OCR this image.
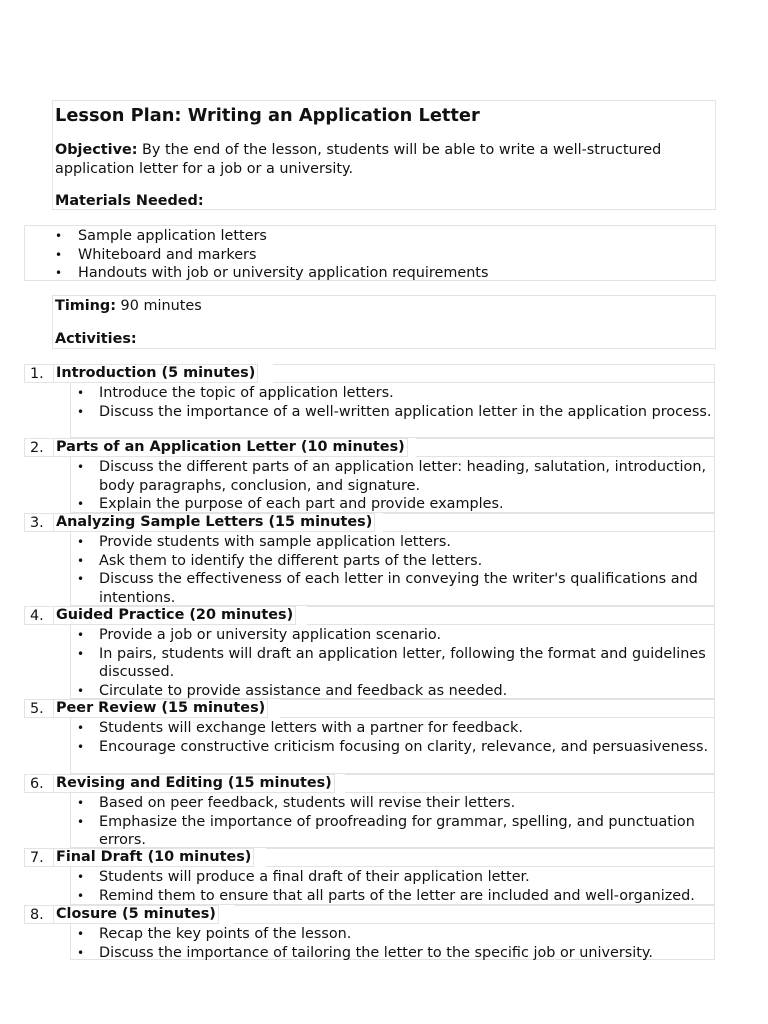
Lesson Plan: Writing an Application Letter

Objective: By the end of the lesson, students will be able to write a well-structured application letter for a job or a university.

Materials Needed:

• Sample application letters
• Whiteboard and markers
• Handouts with job or university application requirements

Timing: 90 minutes

Activities:

1. Introduction (5 minutes)
• Introduce the topic of application letters.
• Discuss the importance of a well-written application letter in the application process.
2. Parts of an Application Letter (10 minutes)
• Discuss the different parts of an application letter: heading, salutation, introduction, body paragraphs, conclusion, and signature.
• Explain the purpose of each part and provide examples.
3. Analyzing Sample Letters (15 minutes)
• Provide students with sample application letters.
• Ask them to identify the different parts of the letters.
• Discuss the effectiveness of each letter in conveying the writer's qualifications and intentions.
4. Guided Practice (20 minutes)
• Provide a job or university application scenario.
• In pairs, students will draft an application letter, following the format and guidelines discussed.
• Circulate to provide assistance and feedback as needed.
5. Peer Review (15 minutes)
• Students will exchange letters with a partner for feedback.
• Encourage constructive criticism focusing on clarity, relevance, and persuasiveness.
6. Revising and Editing (15 minutes)
• Based on peer feedback, students will revise their letters.
• Emphasize the importance of proofreading for grammar, spelling, and punctuation errors.
7. Final Draft (10 minutes)
• Students will produce a final draft of their application letter.
• Remind them to ensure that all parts of the letter are included and well-organized.
8. Closure (5 minutes)
• Recap the key points of the lesson.
• Discuss the importance of tailoring the letter to the specific job or university.
